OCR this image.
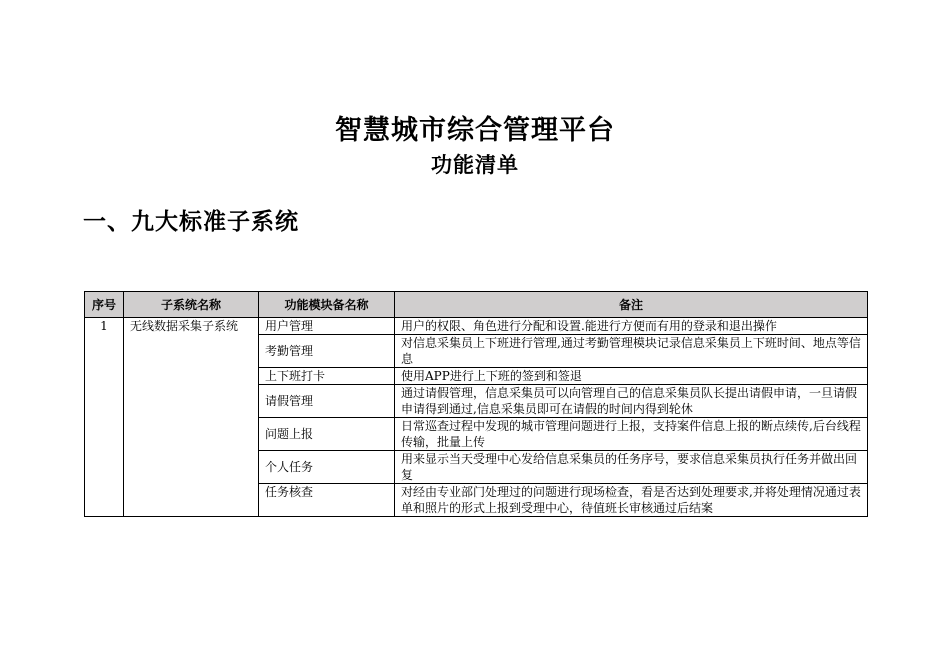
智慧城市综合管理平台
功能清单
一、九大标准子系统
序号	子系统名称	功能模块备名称	备注
1	无线数据采集子系统	用户管理	用户的权限、角色进行分配和设置.能进行方便而有用的登录和退出操作
		考勤管理	对信息采集员上下班进行管理,通过考勤管理模块记录信息采集员上下班时间、地点等信息
		上下班打卡	使用APP进行上下班的签到和签退
		请假管理	通过请假管理，信息采集员可以向管理自己的信息采集员队长提出请假申请，一旦请假申请得到通过,信息采集员即可在请假的时间内得到轮休
		问题上报	日常巡查过程中发现的城市管理问题进行上报，支持案件信息上报的断点续传,后台线程传输，批量上传
		个人任务	用来显示当天受理中心发给信息采集员的任务序号，要求信息采集员执行任务并做出回复
		任务核查	对经由专业部门处理过的问题进行现场检查，看是否达到处理要求,并将处理情况通过表单和照片的形式上报到受理中心，待值班长审核通过后结案
